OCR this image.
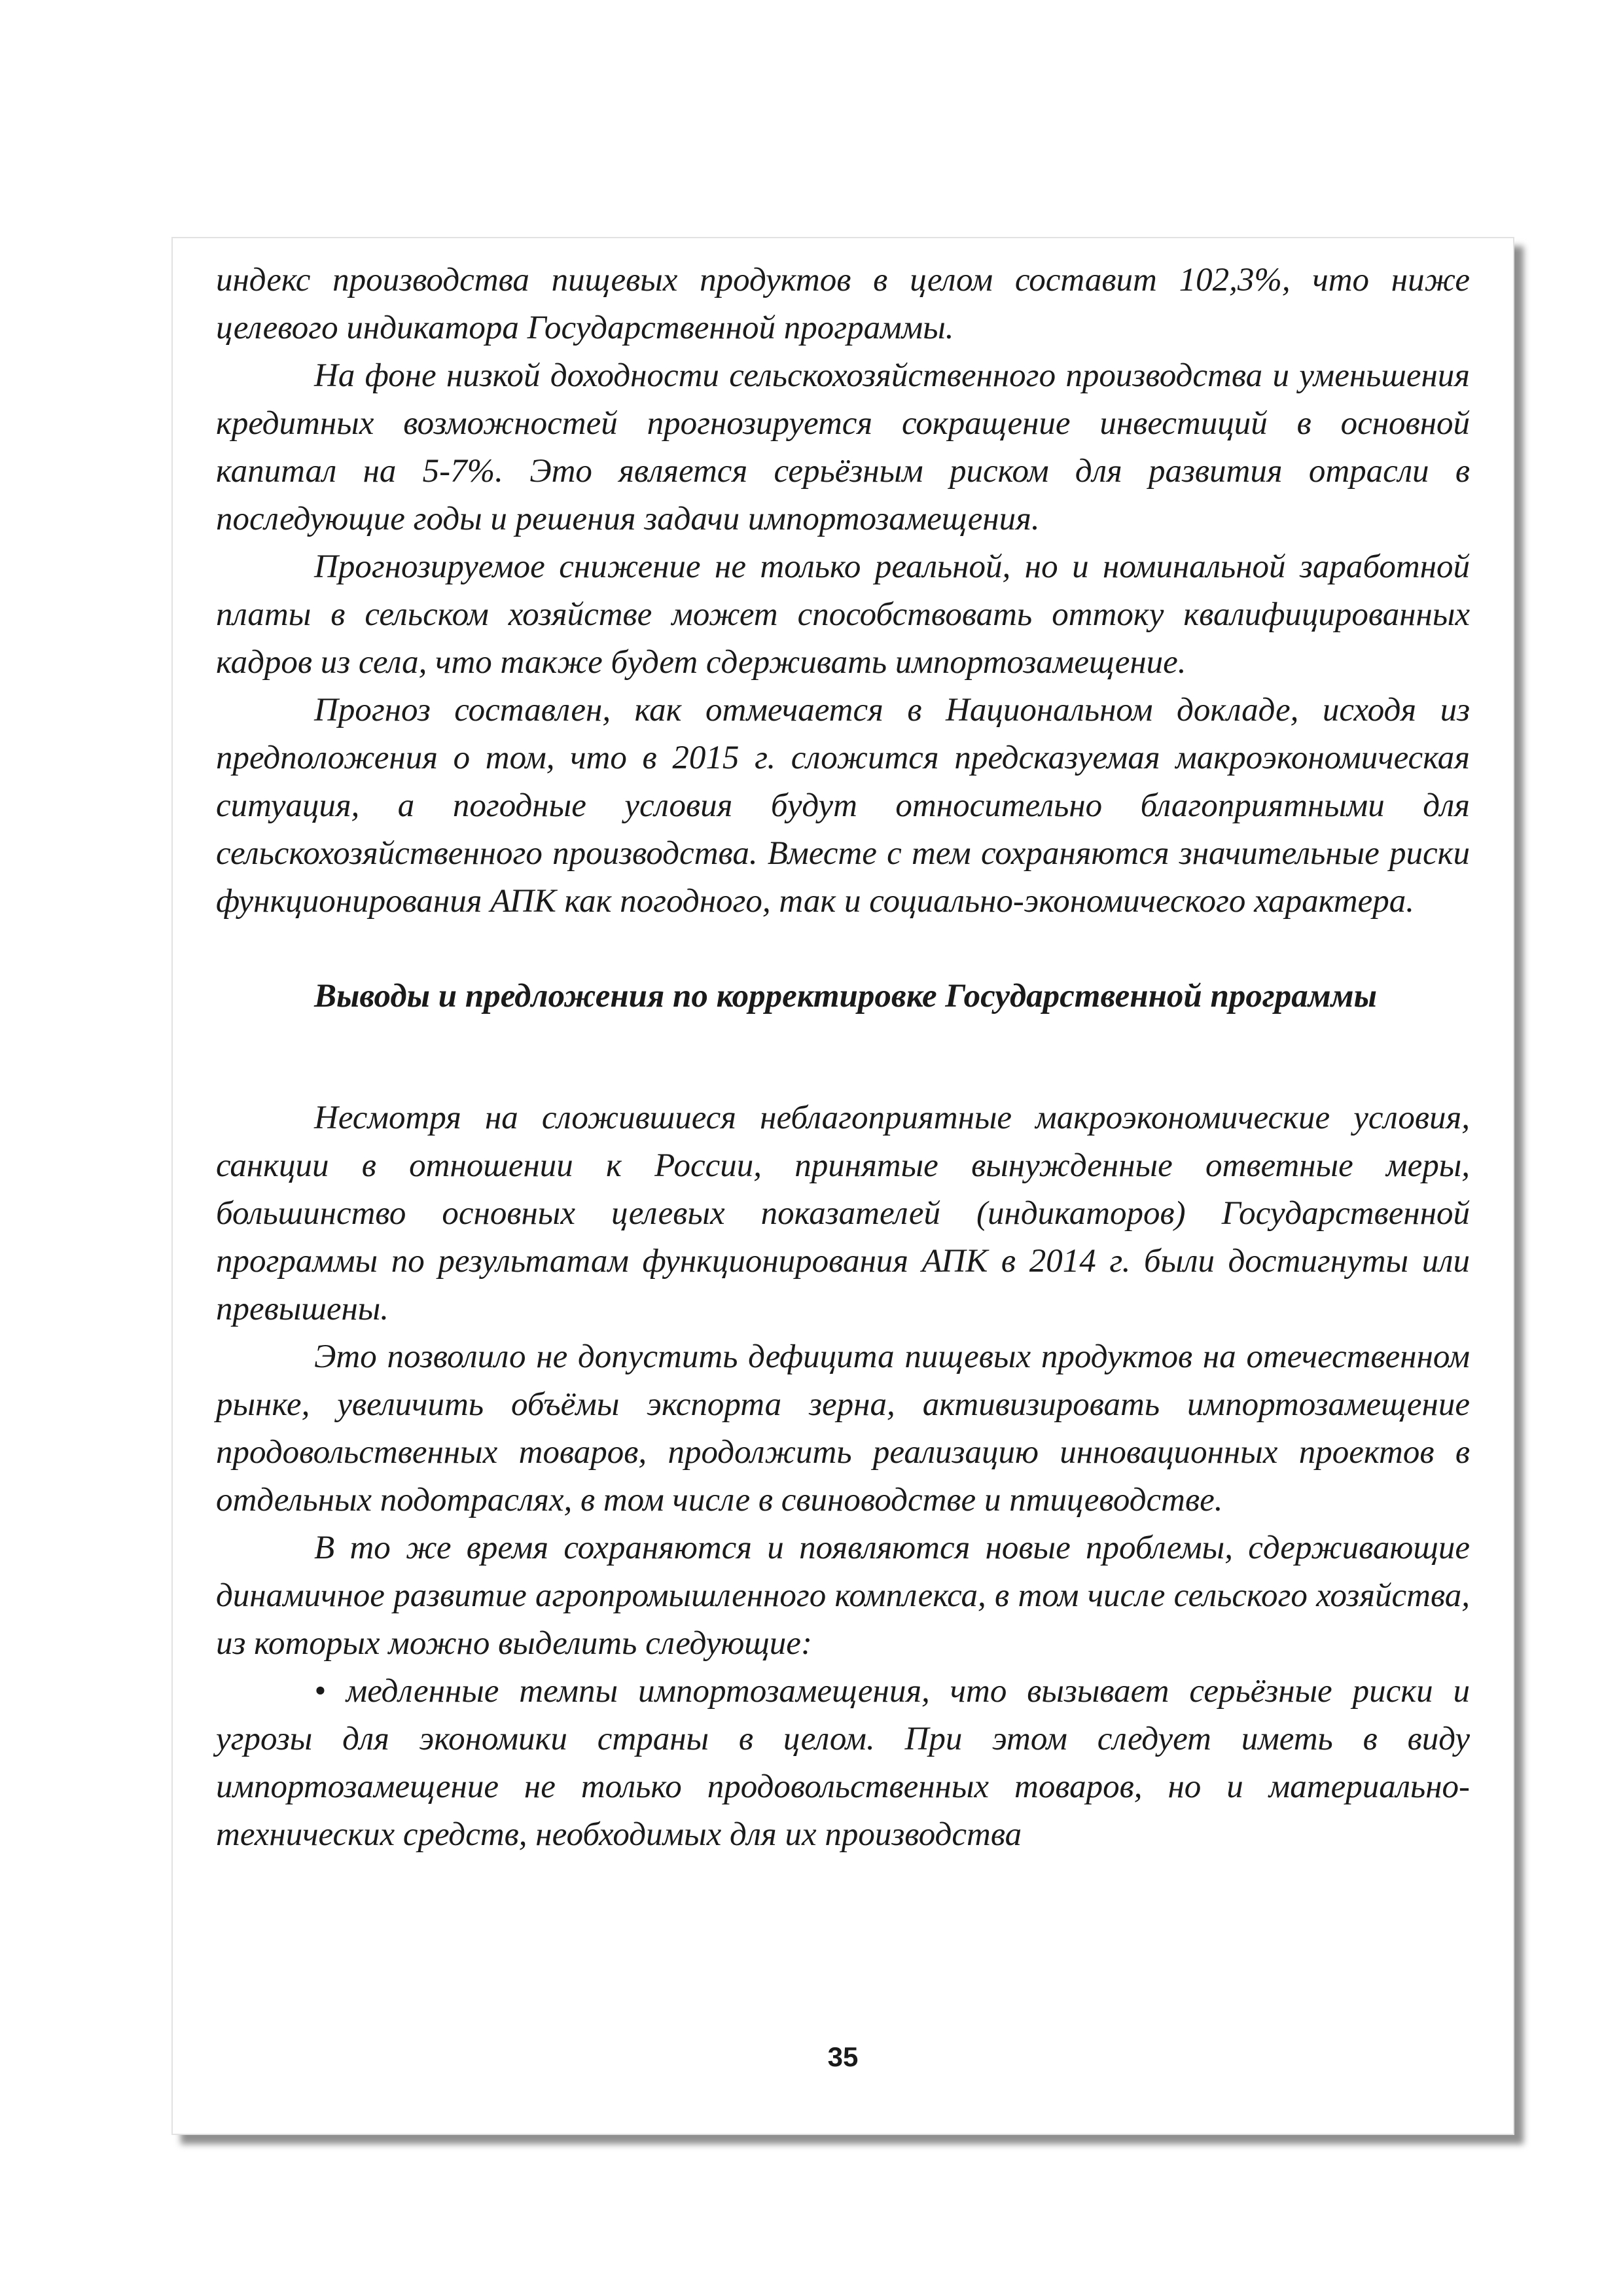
индекс производства пищевых продуктов в целом составит 102,3%, что ниже целевого индикатора Государственной программы.

На фоне низкой доходности сельскохозяйственного производства и уменьшения кредитных возможностей прогнозируется сокращение инвестиций в основной капитал на 5-7%. Это является серьёзным риском для развития отрасли в последующие годы и решения задачи импортозамещения.

Прогнозируемое снижение не только реальной, но и номинальной заработной платы в сельском хозяйстве может способствовать оттоку квалифицированных кадров из села, что также будет сдерживать импортозамещение.

Прогноз составлен, как отмечается в Национальном докладе, исходя из предположения о том, что в 2015 г. сложится предсказуемая макроэкономическая ситуация, а погодные условия будут относительно благоприятными для сельскохозяйственного производства. Вместе с тем сохраняются значительные риски функционирования АПК как погодного, так и социально-экономического характера.

Выводы и предложения по корректировке Государственной программы

Несмотря на сложившиеся неблагоприятные макроэкономические условия, санкции в отношении к России, принятые вынужденные ответные меры, большинство основных целевых показателей (индикаторов) Государственной программы по результатам функционирования АПК в 2014 г. были достигнуты или превышены.

Это позволило не допустить дефицита пищевых продуктов на отечественном рынке, увеличить объёмы экспорта зерна, активизировать импортозамещение продовольственных товаров, продолжить реализацию инновационных проектов в отдельных подотраслях, в том числе в свиноводстве и птицеводстве.

В то же время сохраняются и появляются новые проблемы, сдерживающие динамичное развитие агропромышленного комплекса, в том числе сельского хозяйства, из которых можно выделить следующие:

• медленные темпы импортозамещения, что вызывает серьёзные риски и угрозы для экономики страны в целом. При этом следует иметь в виду импортозамещение не только продовольственных товаров, но и материально-технических средств, необходимых для их производства

35
